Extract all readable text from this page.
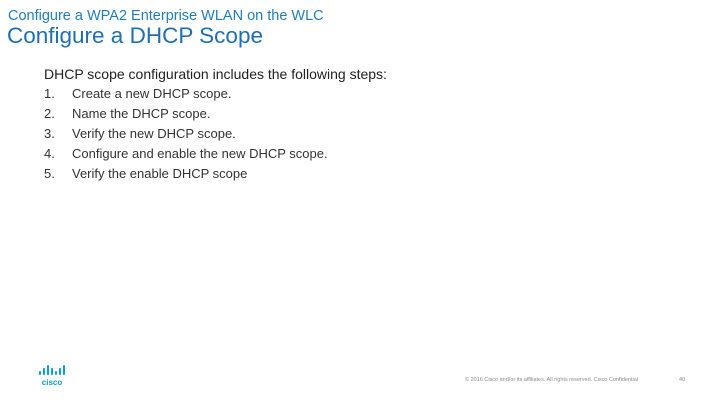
Configure a WPA2 Enterprise WLAN on the WLC
Configure a DHCP Scope
DHCP scope configuration includes the following steps:
1. Create a new DHCP scope.
2. Name the DHCP scope.
3. Verify the new DHCP scope.
4. Configure and enable the new DHCP scope.
5. Verify the enable DHCP scope
cisco	© 2016 Cisco and/or its affiliates. All rights reserved. Cisco Confidential	40
